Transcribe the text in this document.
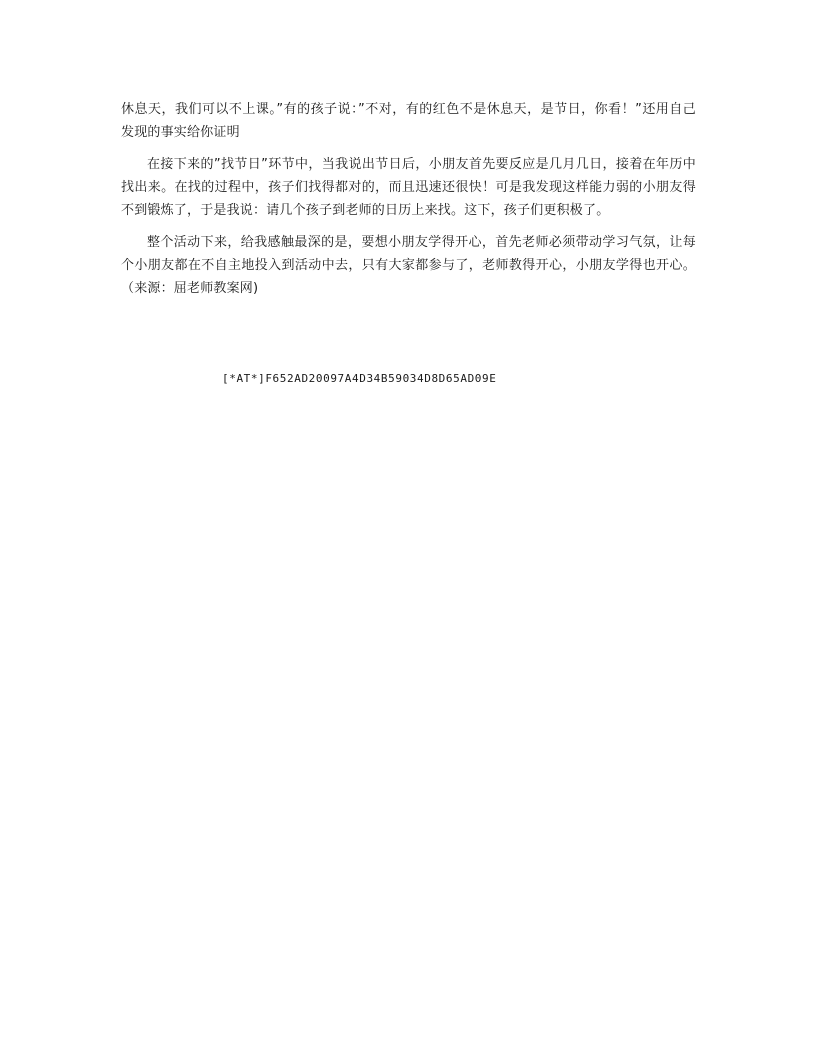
休息天，我们可以不上课。”有的孩子说：”不对，有的红色不是休息天，是节日，你看！”还用自己发现的事实给你证明

在接下来的”找节日”环节中，当我说出节日后，小朋友首先要反应是几月几日，接着在年历中找出来。在找的过程中，孩子们找得都对的，而且迅速还很快！可是我发现这样能力弱的小朋友得不到锻炼了，于是我说：请几个孩子到老师的日历上来找。这下，孩子们更积极了。

整个活动下来，给我感触最深的是，要想小朋友学得开心，首先老师必须带动学习气氛，让每个小朋友都在不自主地投入到活动中去，只有大家都参与了，老师教得开心，小朋友学得也开心。（来源：屈老师教案网)

[*AT*]F652AD20097A4D34B59034D8D65AD09E
